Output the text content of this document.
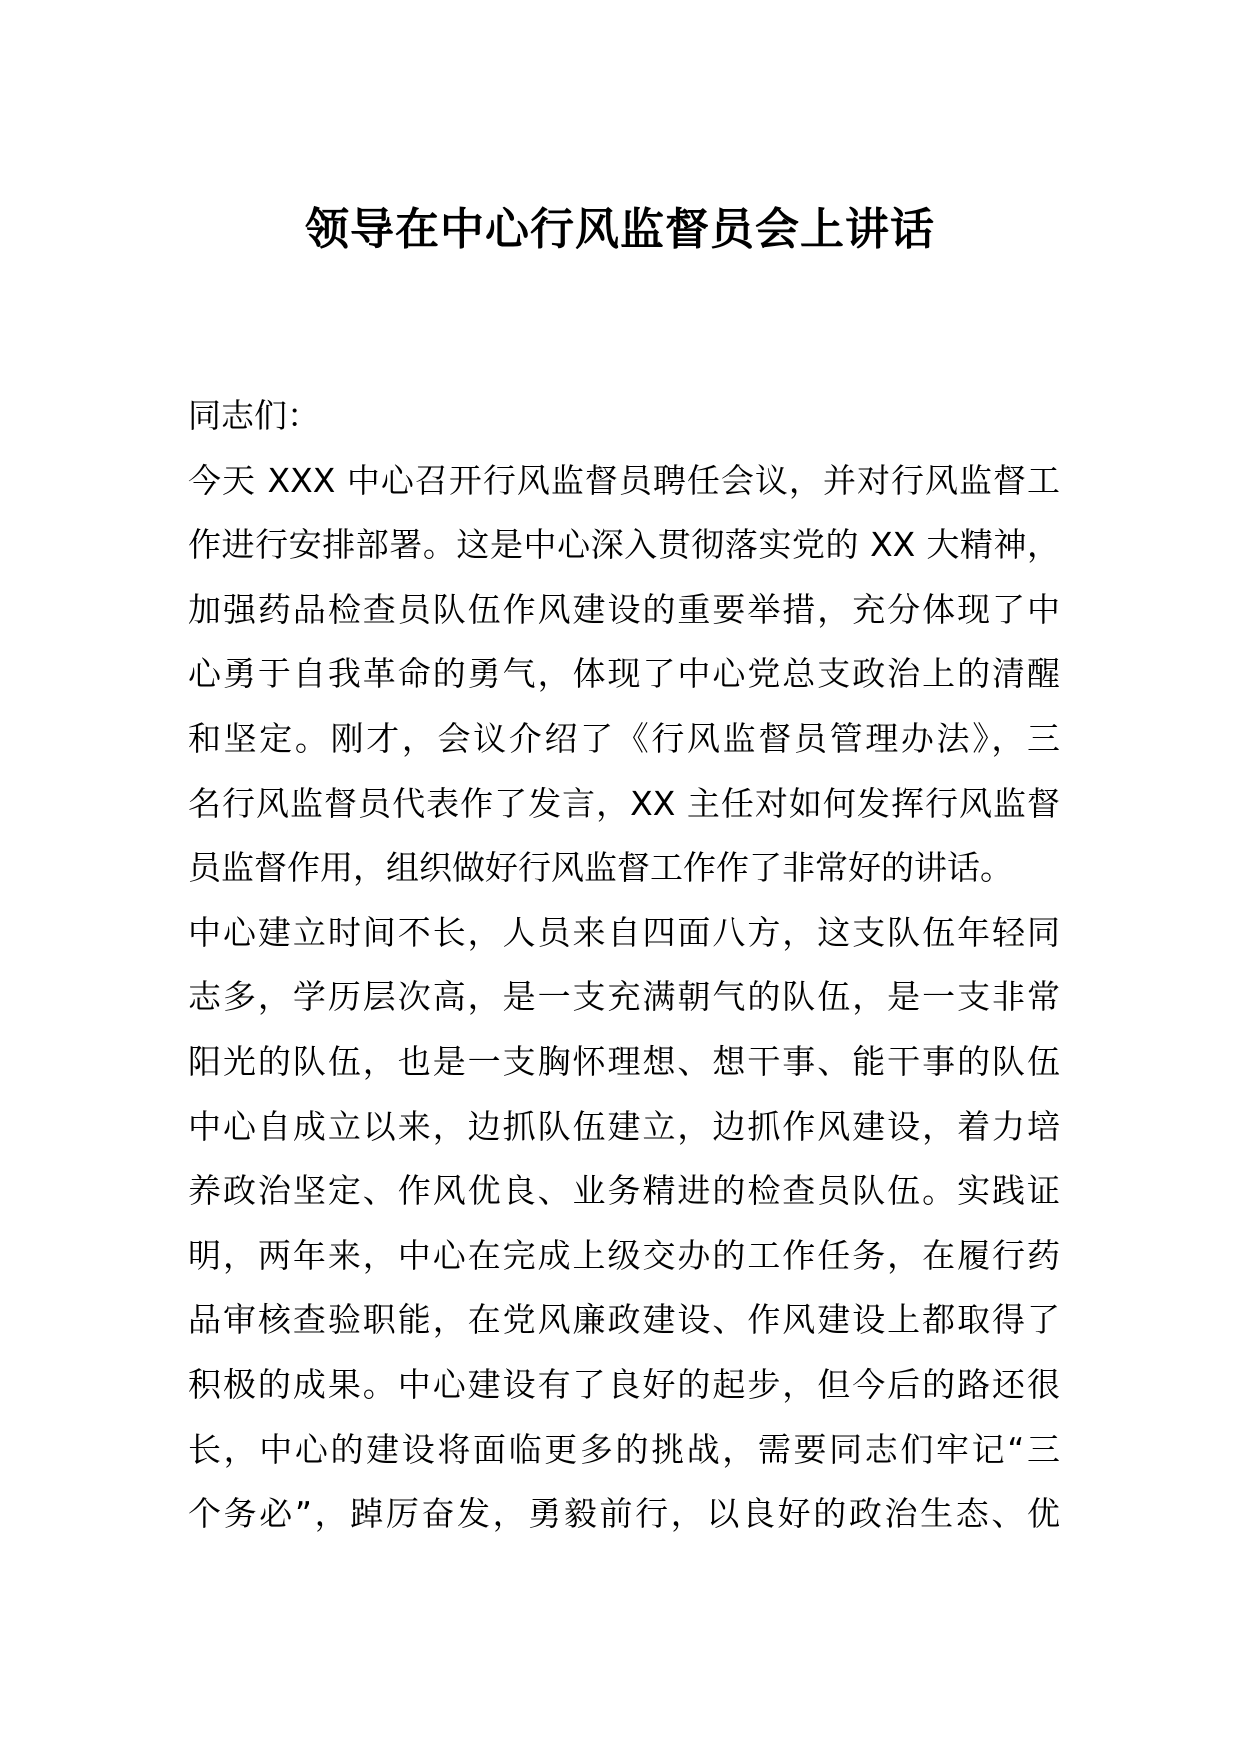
领导在中心行风监督员会上讲话
同志们：
今天 XXX 中心召开行风监督员聘任会议，并对行风监督工
作进行安排部署。这是中心深入贯彻落实党的 XX 大精神，
加强药品检查员队伍作风建设的重要举措，充分体现了中
心勇于自我革命的勇气，体现了中心党总支政治上的清醒
和坚定。刚才，会议介绍了《行风监督员管理办法》，三
名行风监督员代表作了发言，XX 主任对如何发挥行风监督
员监督作用，组织做好行风监督工作作了非常好的讲话。
中心建立时间不长，人员来自四面八方，这支队伍年轻同
志多，学历层次高，是一支充满朝气的队伍，是一支非常
阳光的队伍，也是一支胸怀理想、想干事、能干事的队伍
中心自成立以来，边抓队伍建立，边抓作风建设，着力培
养政治坚定、作风优良、业务精进的检查员队伍。实践证
明，两年来，中心在完成上级交办的工作任务，在履行药
品审核查验职能，在党风廉政建设、作风建设上都取得了
积极的成果。中心建设有了良好的起步，但今后的路还很
长，中心的建设将面临更多的挑战，需要同志们牢记“三
个务必”，踔厉奋发，勇毅前行，以良好的政治生态、优
